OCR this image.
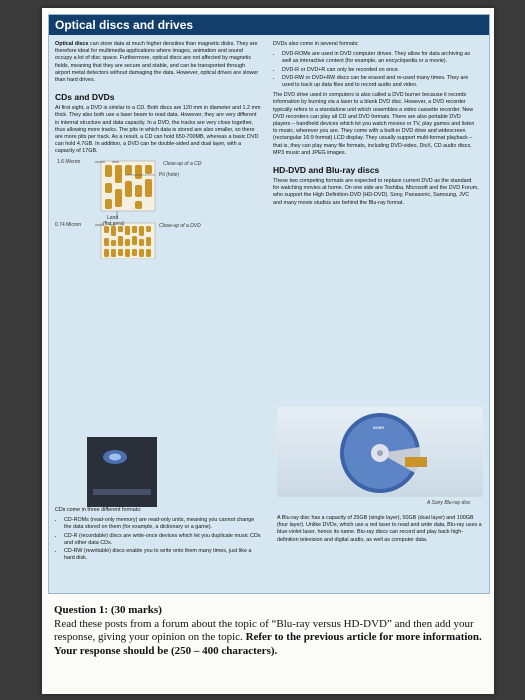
Optical discs and drives

Optical discs can store data at much higher densities than magnetic disks. They are therefore ideal for multimedia applications where images, animation and sound occupy a lot of disc space. Furthermore, optical discs are not affected by magnetic fields, meaning that they are secure and stable, and can be transported through airport metal detectors without damaging the data. However, optical drives are slower than hard drives.

CDs and DVDs

At first sight, a DVD is similar to a CD. Both discs are 120 mm in diameter and 1.2 mm thick. They also both use a laser beam to read data. However, they are very different in internal structure and data capacity. In a DVD, the tracks are very close together, thus allowing more tracks. The pits in which data is stored are also smaller, so there are more pits per track. As a result, a CD can hold 650-700MB, whereas a basic DVD can hold 4.7GB. In addition, a DVD can be double-sided and dual layer, with a capacity of 17GB.

1.6 Micron	Close-up of a CD
Pit (hole)
Land
(flat area)
0.74 Micron	Close-up of a DVD

DVDs also come in several formats:

• DVD-ROMs are used in DVD computer drives. They allow for data archiving as well as interactive content (for example, an encyclopedia or a movie).
• DVD-R or DVD+R can only be recorded on once.
• DVD-RW or DVD+RW discs can be erased and re-used many times. They are used to back up data files and to record audio and video.

The DVD drive used in computers is also called a DVD burner because it records information by burning via a laser to a blank DVD disc. However, a DVD recorder typically refers to a standalone unit which resembles a video cassette recorder. New DVD recorders can play all CD and DVD formats. There are also portable DVD players – handheld devices which let you watch movies or TV, play games and listen to music, wherever you are. They come with a built-in DVD drive and widescreen (rectangular 16:9 format) LCD display. They usually support multi-format playback – that is, they can play many file formats, including DVD-video, DivX, CD audio discs, MP3 music and JPEG images.

HD-DVD and Blu-ray discs

These two competing formats are expected to replace current DVD as the standard for watching movies at home. On one side are Toshiba, Microsoft and the DVD Forum, who support the High Definition-DVD (HD-DVD). Sony, Panasonic, Samsung, JVC and many movie studios are behind the Blu-ray format.

SONY

CDs come in three different formats:

• CD-ROMs (read-only memory) are read-only units, meaning you cannot change the data stored on them (for example, a dictionary or a game).
• CD-R (recordable) discs are write-once devices which let you duplicate music CDs and other data CDs.
• CD-RW (rewritable) discs enable you to write onto them many times, just like a hard disk.
A Sony Blu-ray disc

A Blu-ray disc has a capacity of 25GB (single layer), 50GB (dual layer) and 100GB (four layer). Unlike DVDs, which use a red laser to read and write data, Blu-ray uses a blue-violet laser, hence its name. Blu-ray discs can record and play back high-definition television and digital audio, as well as computer data.

Question 1: (30 marks)
Read these posts from a forum about the topic of “Blu-ray versus HD-DVD” and then add your response, giving your opinion on the topic. Refer to the previous article for more information. Your response should be (250 – 400 characters).
